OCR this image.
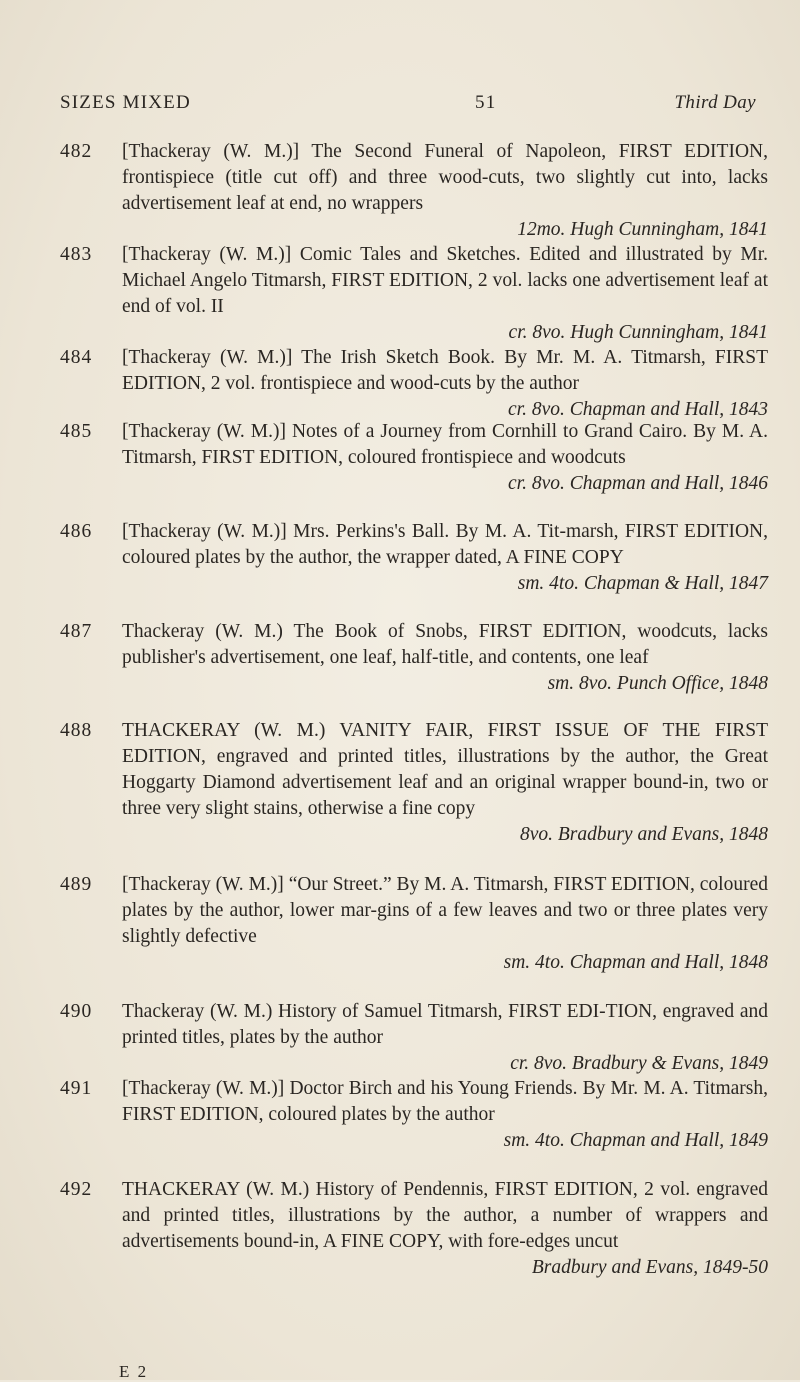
SIZES MIXED	51	Third Day
482	[Thackeray (W. M.)] The Second Funeral of Napoleon, FIRST EDITION, frontispiece (title cut off) and three wood-cuts, two slightly cut into, lacks advertisement leaf at end, no wrappers
12mo. Hugh Cunningham, 1841
483	[Thackeray (W. M.)] Comic Tales and Sketches. Edited and illustrated by Mr. Michael Angelo Titmarsh, FIRST EDITION, 2 vol. lacks one advertisement leaf at end of vol. II
cr. 8vo. Hugh Cunningham, 1841
484	[Thackeray (W. M.)] The Irish Sketch Book. By Mr. M. A. Titmarsh, FIRST EDITION, 2 vol. frontispiece and wood-cuts by the author
cr. 8vo. Chapman and Hall, 1843
485	[Thackeray (W. M.)] Notes of a Journey from Cornhill to Grand Cairo. By M. A. Titmarsh, FIRST EDITION, coloured frontispiece and woodcuts
cr. 8vo. Chapman and Hall, 1846
486	[Thackeray (W. M.)] Mrs. Perkins's Ball. By M. A. Tit-marsh, FIRST EDITION, coloured plates by the author, the wrapper dated, A FINE COPY
sm. 4to. Chapman & Hall, 1847
487	Thackeray (W. M.) The Book of Snobs, FIRST EDITION, woodcuts, lacks publisher's advertisement, one leaf, half-title, and contents, one leaf
sm. 8vo. Punch Office, 1848
488	THACKERAY (W. M.) VANITY FAIR, FIRST ISSUE OF THE FIRST EDITION, engraved and printed titles, illustrations by the author, the Great Hoggarty Diamond advertisement leaf and an original wrapper bound-in, two or three very slight stains, otherwise a fine copy
8vo. Bradbury and Evans, 1848
489	[Thackeray (W. M.)] “Our Street.” By M. A. Titmarsh, FIRST EDITION, coloured plates by the author, lower mar-gins of a few leaves and two or three plates very slightly defective
sm. 4to. Chapman and Hall, 1848
490	Thackeray (W. M.) History of Samuel Titmarsh, FIRST EDI-TION, engraved and printed titles, plates by the author
cr. 8vo. Bradbury & Evans, 1849
491	[Thackeray (W. M.)] Doctor Birch and his Young Friends. By Mr. M. A. Titmarsh, FIRST EDITION, coloured plates by the author
sm. 4to. Chapman and Hall, 1849
492	THACKERAY (W. M.) History of Pendennis, FIRST EDITION, 2 vol. engraved and printed titles, illustrations by the author, a number of wrappers and advertisements bound-in, A FINE COPY, with fore-edges uncut
Bradbury and Evans, 1849-50
E 2
